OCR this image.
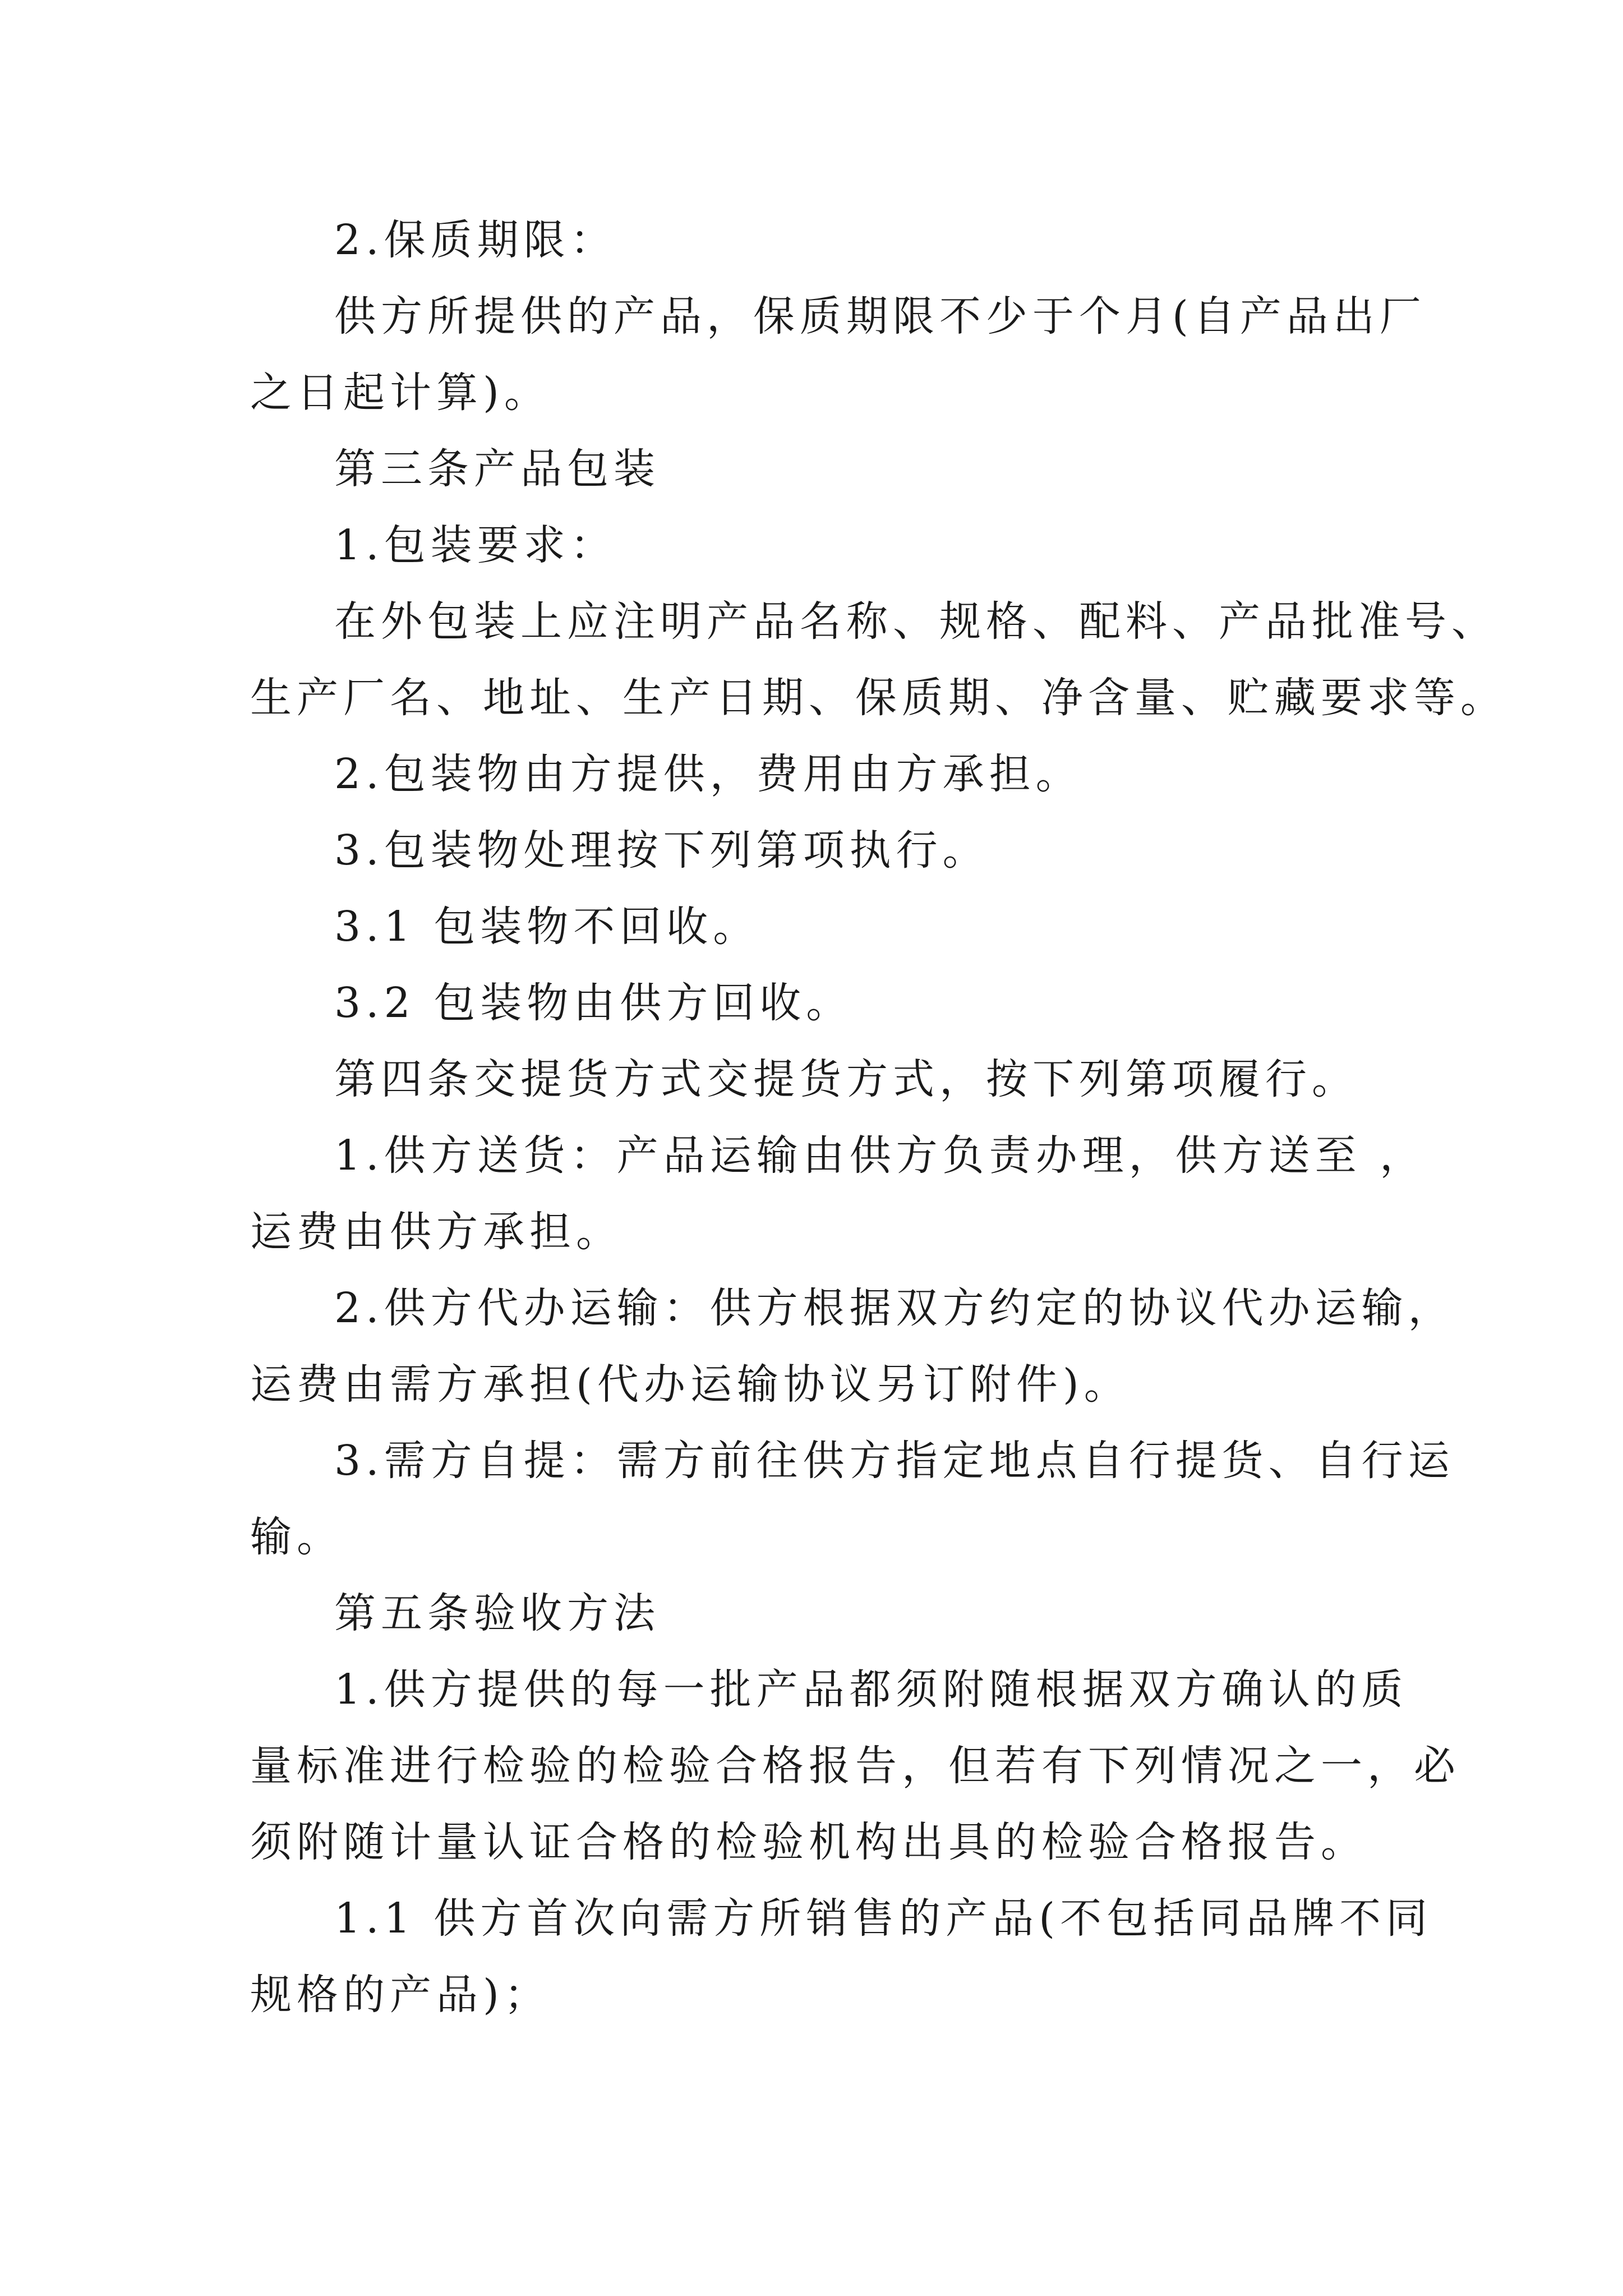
2.保质期限：

供方所提供的产品，保质期限不少于个月(自产品出厂

之日起计算)。

第三条产品包装

1.包装要求：

在外包装上应注明产品名称、规格、配料、产品批准号、

生产厂名、地址、生产日期、保质期、净含量、贮藏要求等。

2.包装物由方提供，费用由方承担。

3.包装物处理按下列第项执行。

3.1 包装物不回收。

3.2 包装物由供方回收。

第四条交提货方式交提货方式，按下列第项履行。

1.供方送货：产品运输由供方负责办理，供方送至 ，

运费由供方承担。

2.供方代办运输：供方根据双方约定的协议代办运输，

运费由需方承担(代办运输协议另订附件)。

3.需方自提：需方前往供方指定地点自行提货、自行运

输。

第五条验收方法

1.供方提供的每一批产品都须附随根据双方确认的质

量标准进行检验的检验合格报告，但若有下列情况之一，必

须附随计量认证合格的检验机构出具的检验合格报告。

1.1 供方首次向需方所销售的产品(不包括同品牌不同

规格的产品)；
